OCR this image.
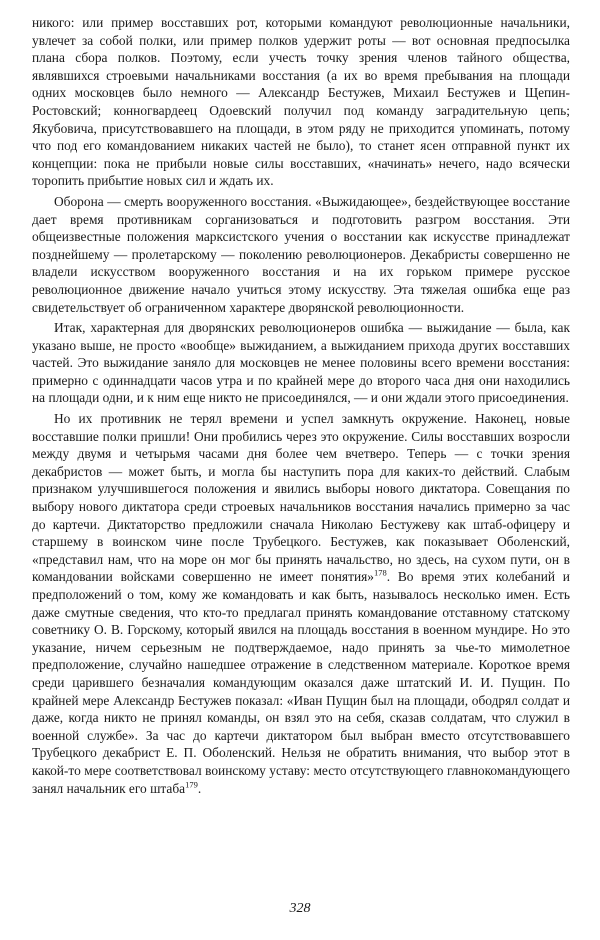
никого: или пример восставших рот, которыми командуют революционные начальники, увлечет за собой полки, или пример полков удержит роты — вот основная предпосылка плана сбора полков. Поэтому, если учесть точку зрения членов тайного общества, являвшихся строевыми начальниками восстания (а их во время пребывания на площади одних московцев было немного — Александр Бестужев, Михаил Бестужев и Щепин-Ростовский; конногвардеец Одоевский получил под команду заградительную цепь; Якубовича, присутствовавшего на площади, в этом ряду не приходится упоминать, потому что под его командованием никаких частей не было), то станет ясен отправной пункт их концепции: пока не прибыли новые силы восставших, «начинать» нечего, надо всячески торопить прибытие новых сил и ждать их.

Оборона — смерть вооруженного восстания. «Выжидающее», бездействующее восстание дает время противникам сорганизоваться и подготовить разгром восстания. Эти общеизвестные положения марксистского учения о восстании как искусстве принадлежат позднейшему — пролетарскому — поколению революционеров. Декабристы совершенно не владели искусством вооруженного восстания и на их горьком примере русское революционное движение начало учиться этому искусству. Эта тяжелая ошибка еще раз свидетельствует об ограниченном характере дворянской революционности.

Итак, характерная для дворянских революционеров ошибка — выжидание — была, как указано выше, не просто «вообще» выжиданием, а выжиданием прихода других восставших частей. Это выжидание заняло для московцев не менее половины всего времени восстания: примерно с одиннадцати часов утра и по крайней мере до второго часа дня они находились на площади одни, и к ним еще никто не присоединялся, — и они ждали этого присоединения.

Но их противник не терял времени и успел замкнуть окружение. Наконец, новые восставшие полки пришли! Они пробились через это окружение. Силы восставших возросли между двумя и четырьмя часами дня более чем вчетверо. Теперь — с точки зрения декабристов — может быть, и могла бы наступить пора для каких-то действий. Слабым признаком улучшившегося положения и явились выборы нового диктатора. Совещания по выбору нового диктатора среди строевых начальников восстания начались примерно за час до картечи. Диктаторство предложили сначала Николаю Бестужеву как штаб-офицеру и старшему в воинском чине после Трубецкого. Бестужев, как показывает Оболенский, «представил нам, что на море он мог бы принять начальство, но здесь, на сухом пути, он в командовании войсками совершенно не имеет понятия»$^{178}$. Во время этих колебаний и предположений о том, кому же командовать и как быть, называлось несколько имен. Есть даже смутные сведения, что кто-то предлагал принять командование отставному статскому советнику О. В. Горскому, который явился на площадь восстания в военном мундире. Но это указание, ничем серьезным не подтверждаемое, надо принять за чье-то мимолетное предположение, случайно нашедшее отражение в следственном материале. Короткое время среди царившего безначалия командующим оказался даже штатский И. И. Пущин. По крайней мере Александр Бестужев показал: «Иван Пущин был на площади, ободрял солдат и даже, когда никто не принял команды, он взял это на себя, сказав солдатам, что служил в военной службе». За час до картечи диктатором был выбран вместо отсутствовавшего Трубецкого декабрист Е. П. Оболенский. Нельзя не обратить внимания, что выбор этот в какой-то мере соответствовал воинскому уставу: место отсутствующего главнокомандующего занял начальник его штаба$^{179}$.

328
